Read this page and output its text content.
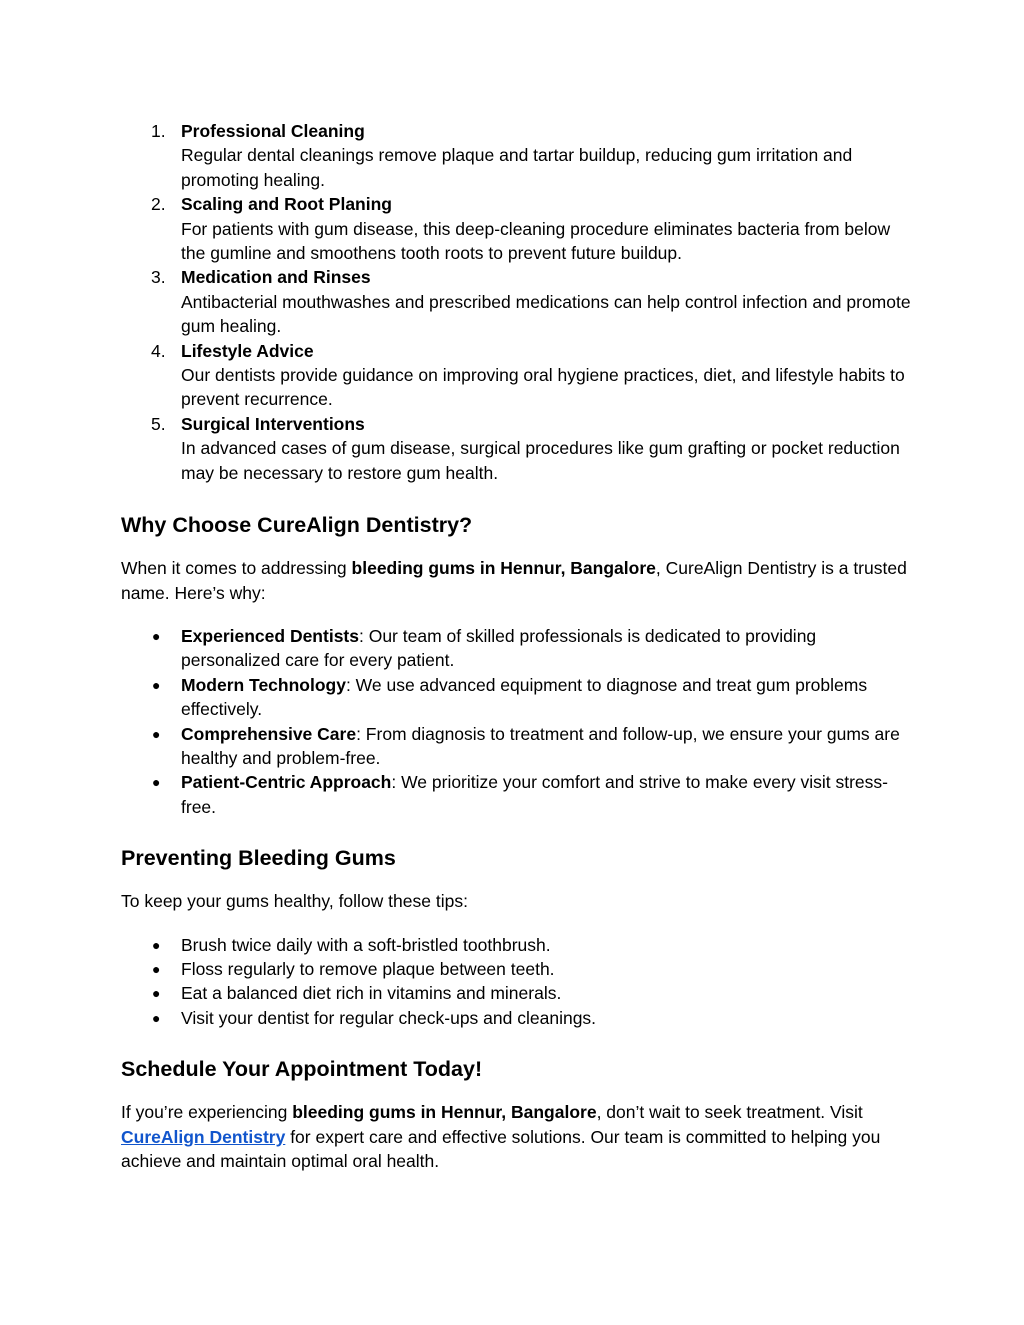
1. Professional Cleaning
Regular dental cleanings remove plaque and tartar buildup, reducing gum irritation and promoting healing.
2. Scaling and Root Planing
For patients with gum disease, this deep-cleaning procedure eliminates bacteria from below the gumline and smoothens tooth roots to prevent future buildup.
3. Medication and Rinses
Antibacterial mouthwashes and prescribed medications can help control infection and promote gum healing.
4. Lifestyle Advice
Our dentists provide guidance on improving oral hygiene practices, diet, and lifestyle habits to prevent recurrence.
5. Surgical Interventions
In advanced cases of gum disease, surgical procedures like gum grafting or pocket reduction may be necessary to restore gum health.
Why Choose CureAlign Dentistry?

When it comes to addressing bleeding gums in Hennur, Bangalore, CureAlign Dentistry is a trusted name. Here’s why:

● Experienced Dentists: Our team of skilled professionals is dedicated to providing personalized care for every patient.
● Modern Technology: We use advanced equipment to diagnose and treat gum problems effectively.
● Comprehensive Care: From diagnosis to treatment and follow-up, we ensure your gums are healthy and problem-free.
● Patient-Centric Approach: We prioritize your comfort and strive to make every visit stress-free.
Preventing Bleeding Gums

To keep your gums healthy, follow these tips:

● Brush twice daily with a soft-bristled toothbrush.
● Floss regularly to remove plaque between teeth.
● Eat a balanced diet rich in vitamins and minerals.
● Visit your dentist for regular check-ups and cleanings.
Schedule Your Appointment Today!

If you’re experiencing bleeding gums in Hennur, Bangalore, don’t wait to seek treatment. Visit CureAlign Dentistry for expert care and effective solutions. Our team is committed to helping you achieve and maintain optimal oral health.
